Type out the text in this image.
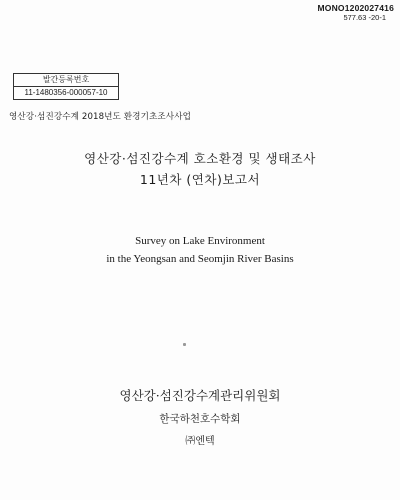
MONO1202027416
577.63 -20-1
발간등록번호
11-1480356-000057-10
영산강·섬진강수계 2018년도 환경기초조사사업
영산강·섬진강수계 호소환경 및 생태조사
11년차 (연차)보고서
Survey on Lake Environment
in the Yeongsan and Seomjin River Basins
영산강·섬진강수계관리위원회
한국하천호수학회
㈜엔텍
